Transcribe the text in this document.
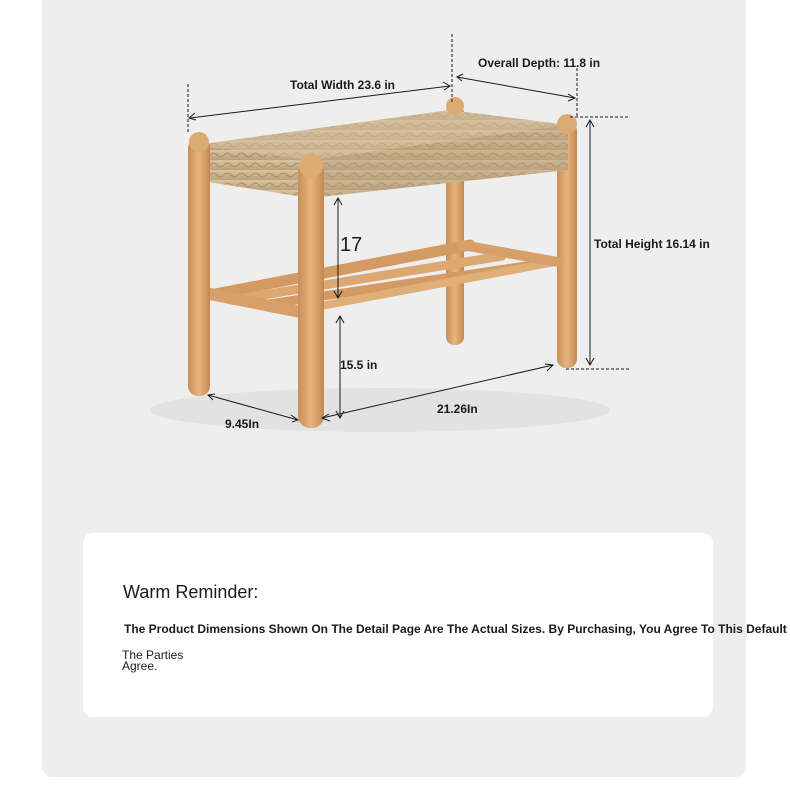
Total Width 23.6 in
Overall Depth: 11.8 in
Total Height 16.14 in
17
15.5 in
9.45In
21.26In
Warm Reminder:
The Product Dimensions Shown On The Detail Page Are The Actual Sizes. By Purchasing, You Agree To This Default
The Parties
Agree.
